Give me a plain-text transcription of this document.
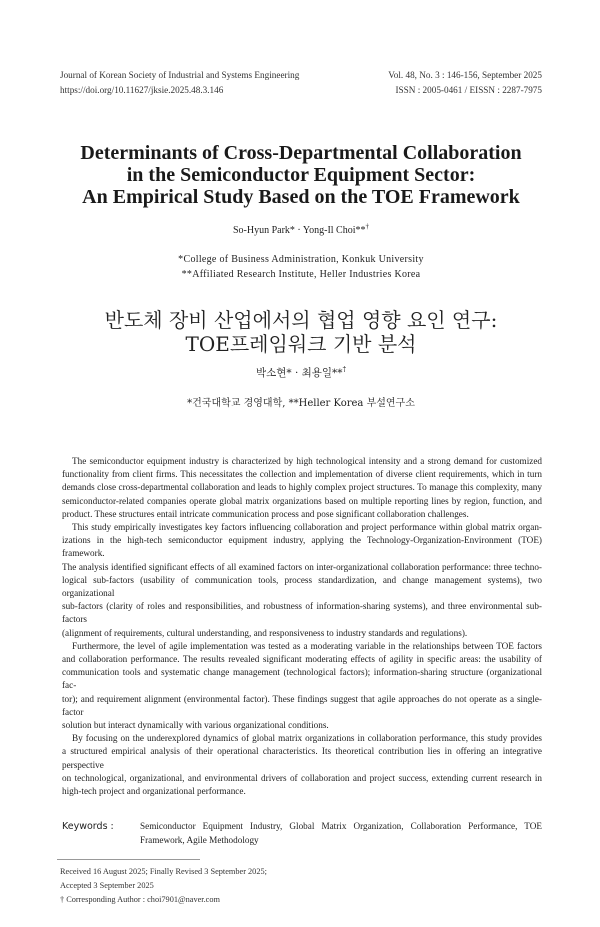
Journal of Korean Society of Industrial and Systems Engineering
https://doi.org/10.11627/jksie.2025.48.3.146
Vol. 48, No. 3 : 146-156, September 2025
ISSN : 2005-0461 / EISSN : 2287-7975
Determinants of Cross-Departmental Collaboration
in the Semiconductor Equipment Sector:
An Empirical Study Based on the TOE Framework
So-Hyun Park* · Yong-Il Choi**†
*College of Business Administration, Konkuk University
**Affiliated Research Institute, Heller Industries Korea
반도체 장비 산업에서의 협업 영향 요인 연구:
TOE프레임워크 기반 분석
박소현* · 최용일**†
*건국대학교 경영대학, **Heller Korea 부설연구소
The semiconductor equipment industry is characterized by high technological intensity and a strong demand for customized
functionality from client firms. This necessitates the collection and implementation of diverse client requirements, which in turn
demands close cross-departmental collaboration and leads to highly complex project structures. To manage this complexity, many
semiconductor-related companies operate global matrix organizations based on multiple reporting lines by region, function, and
product. These structures entail intricate communication process and pose significant collaboration challenges.
This study empirically investigates key factors influencing collaboration and project performance within global matrix organ-
izations in the high-tech semiconductor equipment industry, applying the Technology-Organization-Environment (TOE) framework.
The analysis identified significant effects of all examined factors on inter-organizational collaboration performance: three techno-
logical sub-factors (usability of communication tools, process standardization, and change management systems), two organizational
sub-factors (clarity of roles and responsibilities, and robustness of information-sharing systems), and three environmental sub-factors
(alignment of requirements, cultural understanding, and responsiveness to industry standards and regulations).
Furthermore, the level of agile implementation was tested as a moderating variable in the relationships between TOE factors
and collaboration performance. The results revealed significant moderating effects of agility in specific areas: the usability of
communication tools and systematic change management (technological factors); information-sharing structure (organizational fac-
tor); and requirement alignment (environmental factor). These findings suggest that agile approaches do not operate as a single-factor
solution but interact dynamically with various organizational conditions.
By focusing on the underexplored dynamics of global matrix organizations in collaboration performance, this study provides
a structured empirical analysis of their operational characteristics. Its theoretical contribution lies in offering an integrative perspective
on technological, organizational, and environmental drivers of collaboration and project success, extending current research in
high-tech project and organizational performance.
Keywords :	Semiconductor Equipment Industry, Global Matrix Organization, Collaboration Performance, TOE Framework, Agile Methodology
Received 16 August 2025; Finally Revised 3 September 2025;
Accepted 3 September 2025
† Corresponding Author : choi7901@naver.com
